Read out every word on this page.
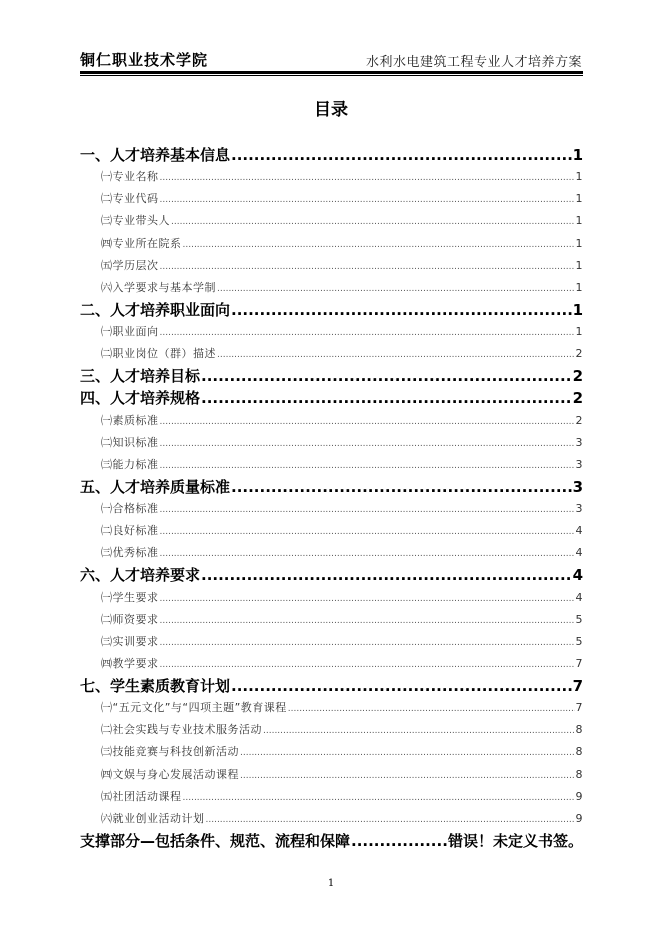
铜仁职业技术学院	水利水电建筑工程专业人才培养方案
目录
一、人才培养基本信息 .....	1
㈠专业名称 .....	1
㈡专业代码 .....	1
㈢专业带头人 .....	1
㈣专业所在院系 .....	1
㈤学历层次 .....	1
㈥入学要求与基本学制 .....	1
二、人才培养职业面向 .....	1
㈠职业面向 .....	1
㈡职业岗位（群）描述 .....	2
三、人才培养目标 .....	2
四、人才培养规格 .....	2
㈠素质标准 .....	2
㈡知识标准 .....	3
㈢能力标准 .....	3
五、人才培养质量标准 .....	3
㈠合格标准 .....	3
㈡良好标准 .....	4
㈢优秀标准 .....	4
六、人才培养要求 .....	4
㈠学生要求 .....	4
㈡师资要求 .....	5
㈢实训要求 .....	5
㈣教学要求 .....	7
七、学生素质教育计划 .....	7
㈠“五元文化”与“四项主题”教育课程 .....	7
㈡社会实践与专业技术服务活动 .....	8
㈢技能竞赛与科技创新活动 .....	8
㈣文娱与身心发展活动课程 .....	8
㈤社团活动课程 .....	9
㈥就业创业活动计划 .....	9
支撑部分—包括条件、规范、流程和保障 .....	错误！未定义书签。
1
